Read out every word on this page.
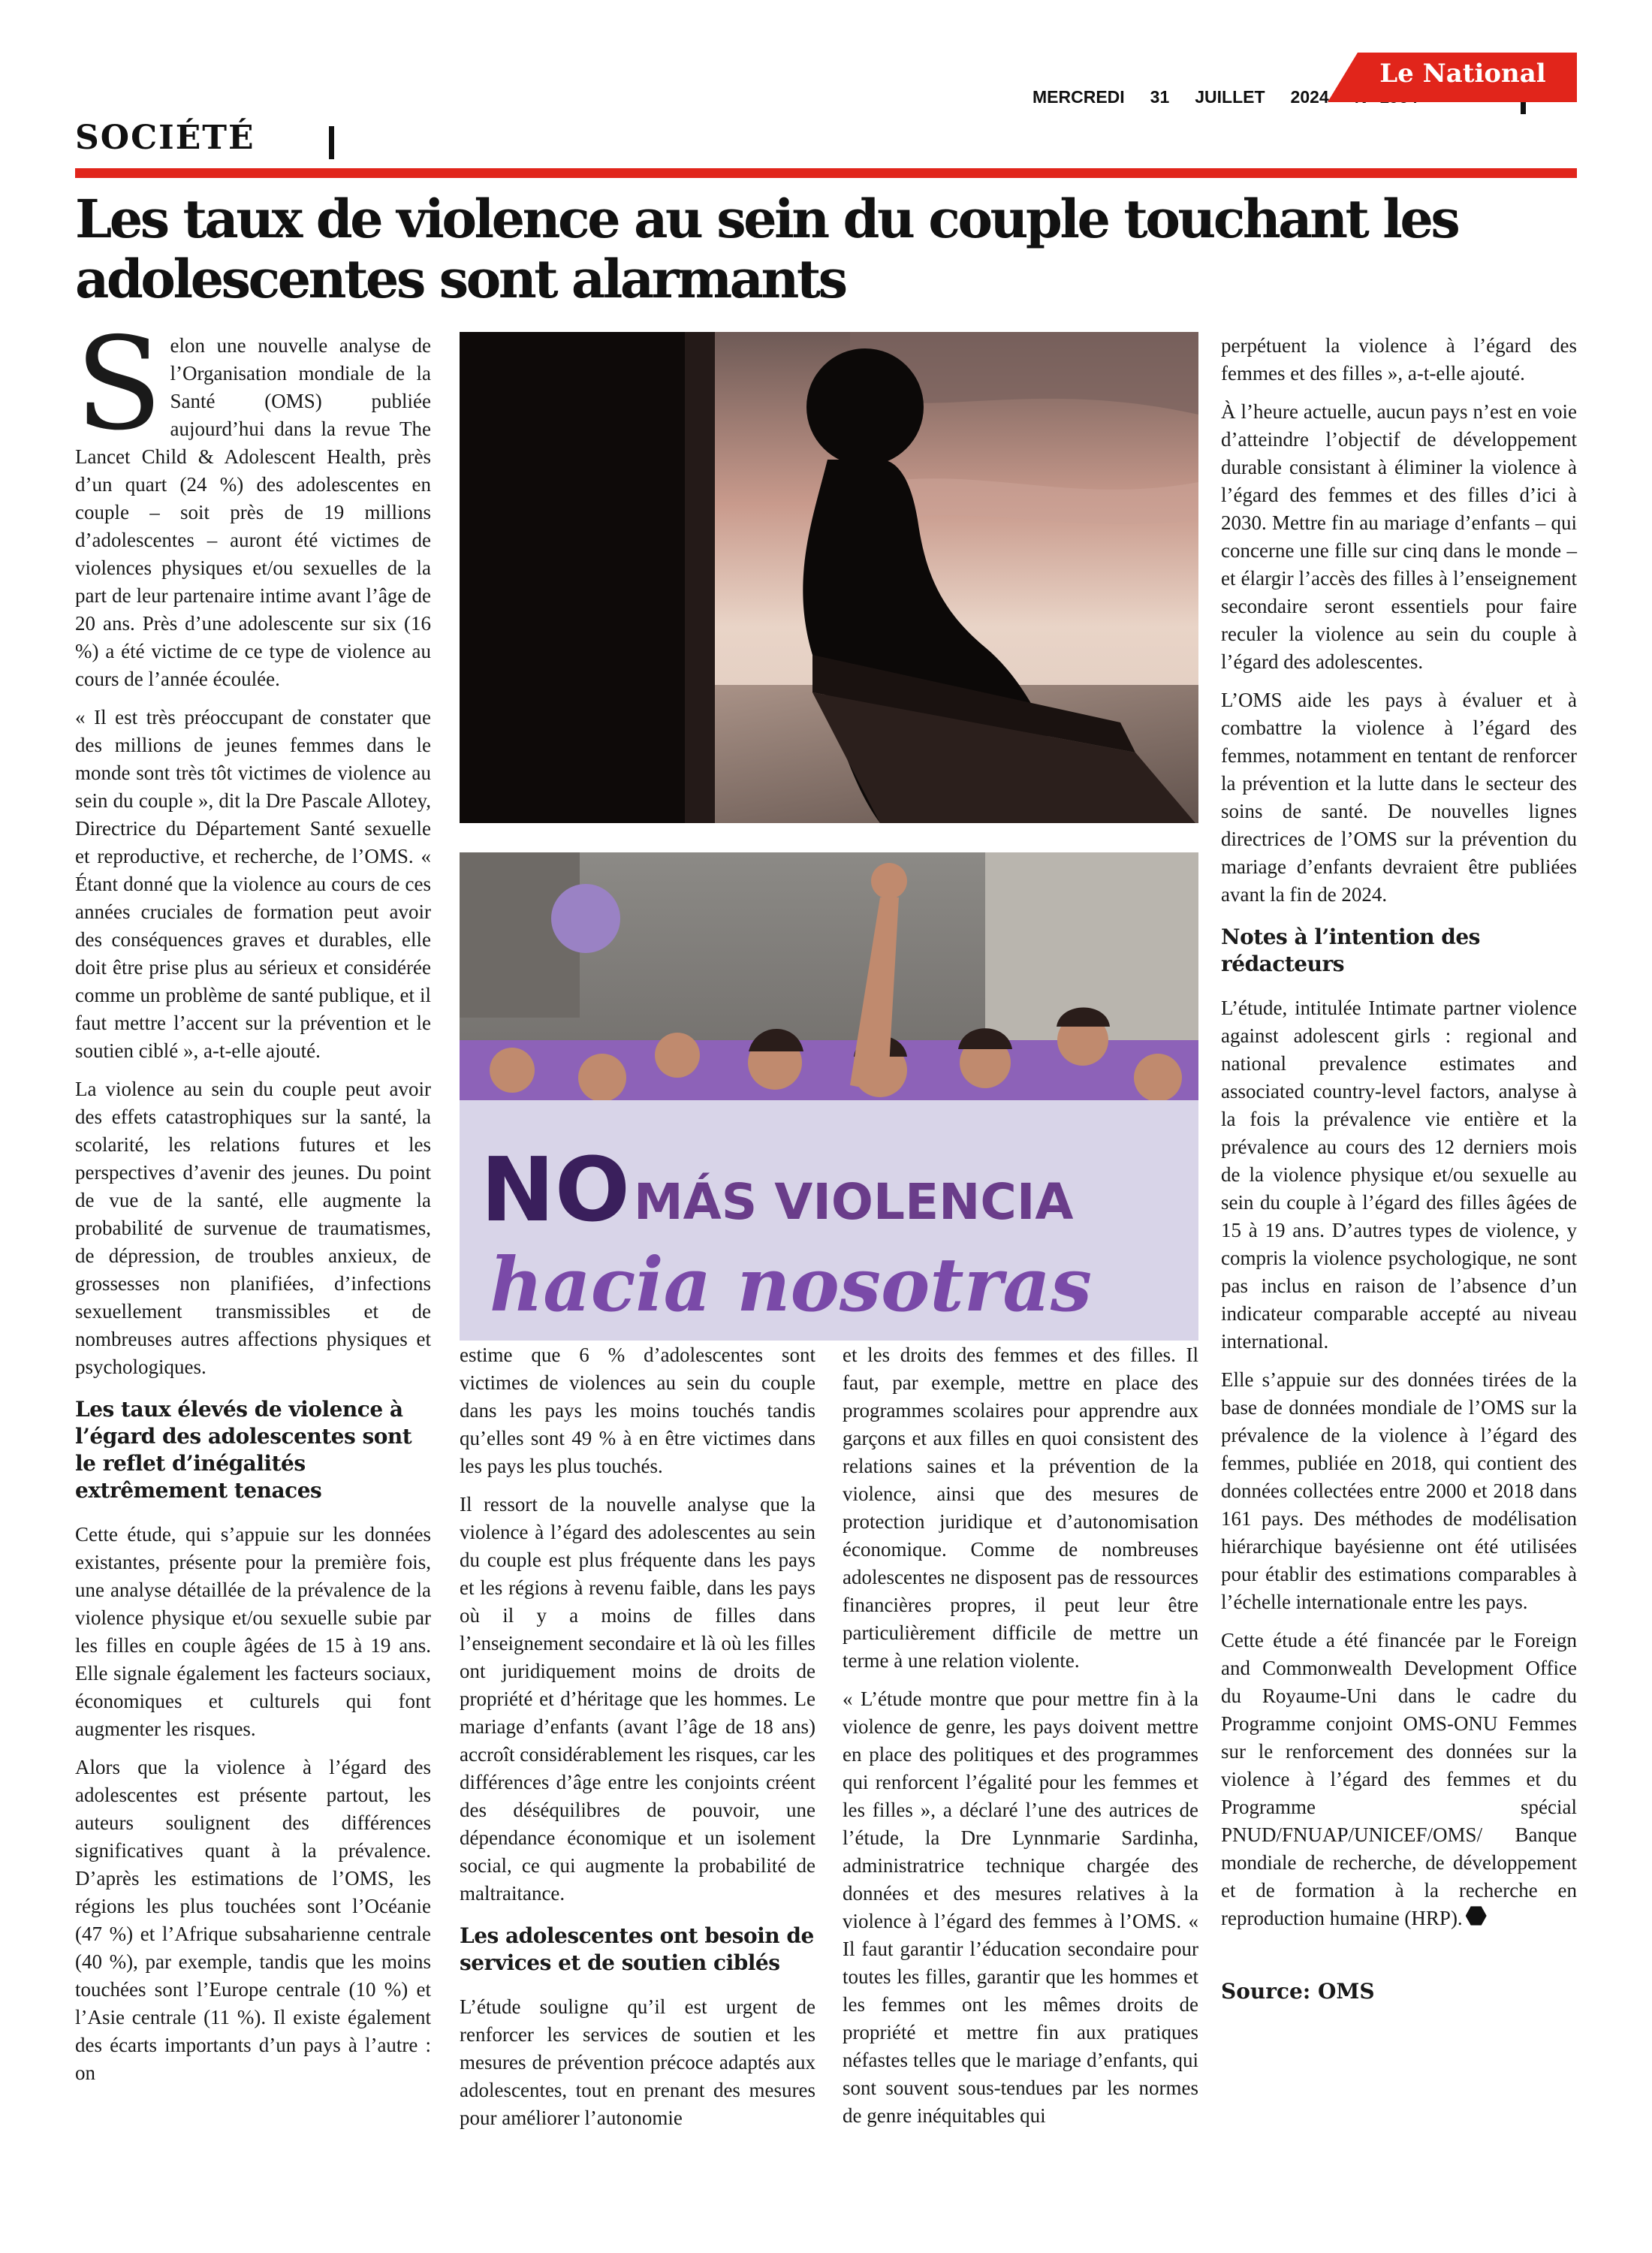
MERCREDI 31 JUILLET 2024
SOCIÉTÉ
Le National
Les taux de violence au sein du couple touchant les adolescentes sont alarmants

Selon une nouvelle analyse de l’Organisation mondiale de la Santé (OMS) publiée aujourd’hui dans la revue The Lancet Child & Adolescent Health, près d’un quart (24 %) des adolescentes en couple – soit près de 19 millions d’adolescentes – auront été victimes de violences physiques et/ou sexuelles de la part de leur partenaire intime avant l’âge de 20 ans. Près d’une adolescente sur six (16 %) a été victime de ce type de violence au cours de l’année écoulée.

« Il est très préoccupant de constater que des millions de jeunes femmes dans le monde sont très tôt victimes de violence au sein du couple », dit la Dre Pascale Allotey, Directrice du Département Santé sexuelle et reproductive, et recherche, de l’OMS. « Étant donné que la violence au cours de ces années cruciales de formation peut avoir des conséquences graves et durables, elle doit être prise plus au sérieux et considérée comme un problème de santé publique, et il faut mettre l’accent sur la prévention et le soutien ciblé », a-t-elle ajouté.

La violence au sein du couple peut avoir des effets catastrophiques sur la santé, la scolarité, les relations futures et les perspectives d’avenir des jeunes. Du point de vue de la santé, elle augmente la probabilité de survenue de traumatismes, de dépression, de troubles anxieux, de grossesses non planifiées, d’infections sexuellement transmissibles et de nombreuses autres affections physiques et psychologiques.

Les taux élevés de violence à l’égard des adolescentes sont le reflet d’inégalités extrêmement tenaces

Cette étude, qui s’appuie sur les données existantes, présente pour la première fois, une analyse détaillée de la prévalence de la violence physique et/ou sexuelle subie par les filles en couple âgées de 15 à 19 ans. Elle signale également les facteurs sociaux, économiques et culturels qui font augmenter les risques.

Alors que la violence à l’égard des adolescentes est présente partout, les auteurs soulignent des différences significatives quant à la prévalence. D’après les estimations de l’OMS, les régions les plus touchées sont l’Océanie (47 %) et l’Afrique subsaharienne centrale (40 %), par exemple, tandis que les moins touchées sont l’Europe centrale (10 %) et l’Asie centrale (11 %). Il existe également des écarts importants d’un pays à l’autre : on

NO MÁS VIOLENCIA
hacia nosotras

estime que 6 % d’adolescentes sont victimes de violences au sein du couple dans les pays les moins touchés tandis qu’elles sont 49 % à en être victimes dans les pays les plus touchés.

Il ressort de la nouvelle analyse que la violence à l’égard des adolescentes au sein du couple est plus fréquente dans les pays et les régions à revenu faible, dans les pays où il y a moins de filles dans l’enseignement secondaire et là où les filles ont juridiquement moins de droits de propriété et d’héritage que les hommes. Le mariage d’enfants (avant l’âge de 18 ans) accroît considérablement les risques, car les différences d’âge entre les conjoints créent des déséquilibres de pouvoir, une dépendance économique et un isolement social, ce qui augmente la probabilité de maltraitance.

Les adolescentes ont besoin de services et de soutien ciblés

L’étude souligne qu’il est urgent de renforcer les services de soutien et les mesures de prévention précoce adaptés aux adolescentes, tout en prenant des mesures pour améliorer l’autonomie

et les droits des femmes et des filles. Il faut, par exemple, mettre en place des programmes scolaires pour apprendre aux garçons et aux filles en quoi consistent des relations saines et la prévention de la violence, ainsi que des mesures de protection juridique et d’autonomisation économique. Comme de nombreuses adolescentes ne disposent pas de ressources financières propres, il peut leur être particulièrement difficile de mettre un terme à une relation violente.

« L’étude montre que pour mettre fin à la violence de genre, les pays doivent mettre en place des politiques et des programmes qui renforcent l’égalité pour les femmes et les filles », a déclaré l’une des autrices de l’étude, la Dre Lynnmarie Sardinha, administratrice technique chargée des données et des mesures relatives à la violence à l’égard des femmes à l’OMS. « Il faut garantir l’éducation secondaire pour toutes les filles, garantir que les hommes et les femmes ont les mêmes droits de propriété et mettre fin aux pratiques néfastes telles que le mariage d’enfants, qui sont souvent sous-tendues par les normes de genre inéquitables qui

perpétuent la violence à l’égard des femmes et des filles », a-t-elle ajouté.

À l’heure actuelle, aucun pays n’est en voie d’atteindre l’objectif de développement durable consistant à éliminer la violence à l’égard des femmes et des filles d’ici à 2030. Mettre fin au mariage d’enfants – qui concerne une fille sur cinq dans le monde – et élargir l’accès des filles à l’enseignement secondaire seront essentiels pour faire reculer la violence au sein du couple à l’égard des adolescentes.

L’OMS aide les pays à évaluer et à combattre la violence à l’égard des femmes, notamment en tentant de renforcer la prévention et la lutte dans le secteur des soins de santé. De nouvelles lignes directrices de l’OMS sur la prévention du mariage d’enfants devraient être publiées avant la fin de 2024.

Notes à l’intention des rédacteurs

L’étude, intitulée Intimate partner violence against adolescent girls : regional and national prevalence estimates and associated country-level factors, analyse à la fois la prévalence vie entière et la prévalence au cours des 12 derniers mois de la violence physique et/ou sexuelle au sein du couple à l’égard des filles âgées de 15 à 19 ans. D’autres types de violence, y compris la violence psychologique, ne sont pas inclus en raison de l’absence d’un indicateur comparable accepté au niveau international.

Elle s’appuie sur des données tirées de la base de données mondiale de l’OMS sur la prévalence de la violence à l’égard des femmes, publiée en 2018, qui contient des données collectées entre 2000 et 2018 dans 161 pays. Des méthodes de modélisation hiérarchique bayésienne ont été utilisées pour établir des estimations comparables à l’échelle internationale entre les pays.

Cette étude a été financée par le Foreign and Commonwealth Development Office du Royaume-Uni dans le cadre du Programme conjoint OMS-ONU Femmes sur le renforcement des données sur la violence à l’égard des femmes et du Programme spécial PNUD/FNUAP/UNICEF/OMS/ Banque mondiale de recherche, de développement et de formation à la recherche en reproduction humaine (HRP).

Source: OMS
